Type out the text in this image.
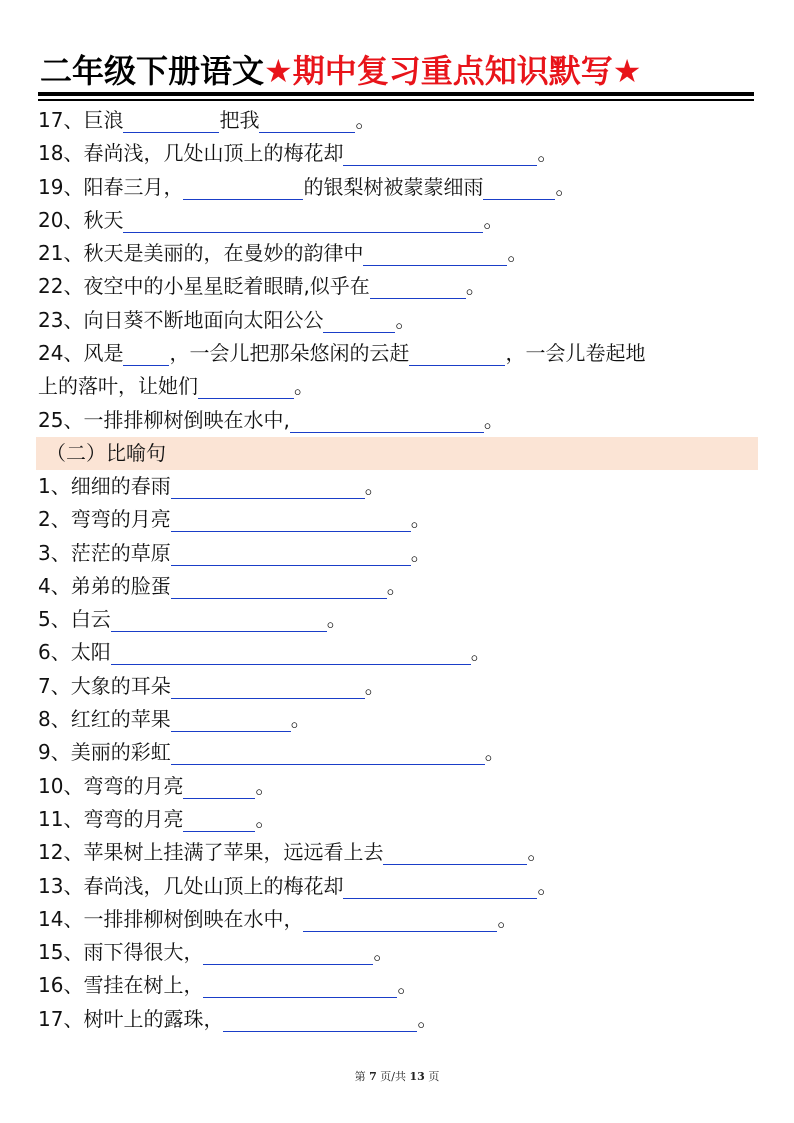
二年级下册语文★期中复习重点知识默写★
17、巨浪	把我	。
18、春尚浅，几处山顶上的梅花却	。
19、阳春三月，	的银梨树被蒙蒙细雨	。
20、秋天	。
21、秋天是美丽的，在曼妙的韵律中	。
22、夜空中的小星星眨着眼睛,似乎在	。
23、向日葵不断地面向太阳公公	。
24、风是 ，一会儿把那朵悠闲的云赶	，一会儿卷起地
上的落叶，让她们	。
25、一排排柳树倒映在水中,	。
（二）比喻句
1、细细的春雨	。
2、弯弯的月亮	。
3、茫茫的草原	。
4、弟弟的脸蛋	。
5、白云	。
6、太阳	。
7、大象的耳朵	。
8、红红的苹果	。
9、美丽的彩虹	。
10、弯弯的月亮	。
11、弯弯的月亮	。
12、苹果树上挂满了苹果，远远看上去	。
13、春尚浅，几处山顶上的梅花却	。
14、一排排柳树倒映在水中，	。
15、雨下得很大，	。
16、雪挂在树上，	。
17、树叶上的露珠，	。
第 7 页/共 13 页
